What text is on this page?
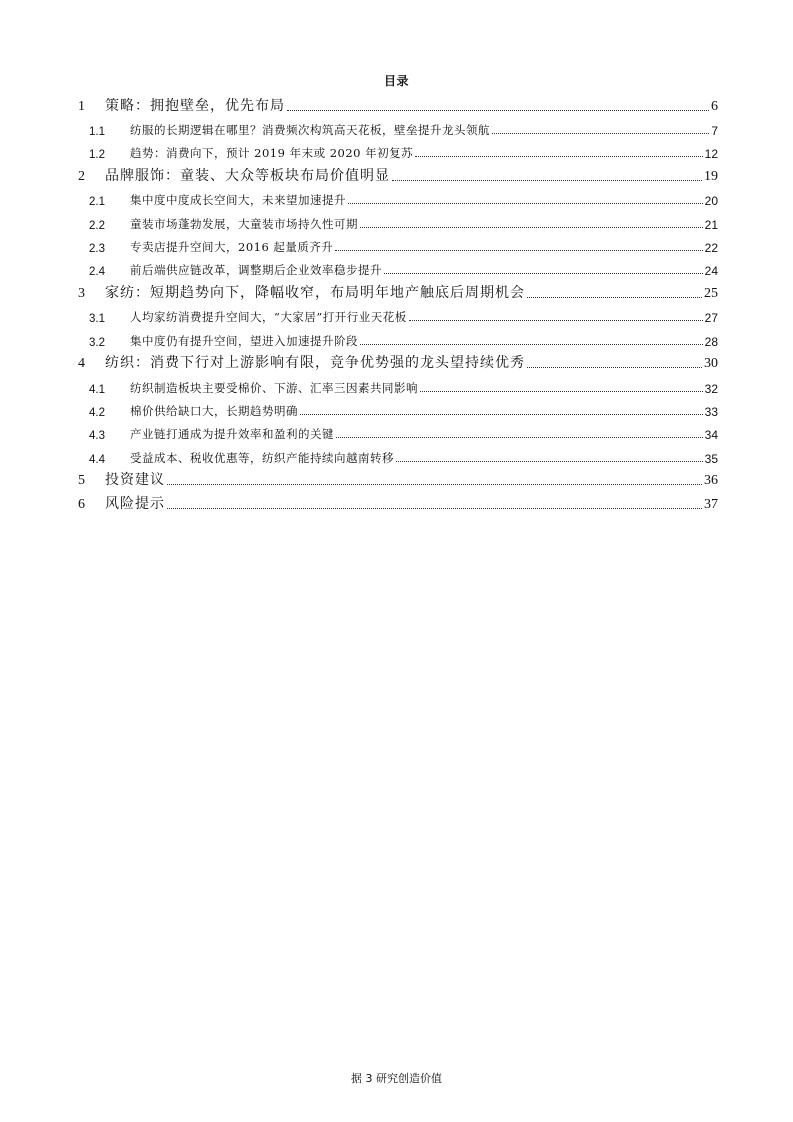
目录
1	策略：拥抱壁垒，优先布局	6
1.1	纺服的长期逻辑在哪里？消费频次构筑高天花板，壁垒提升龙头领航	7
1.2	趋势：消费向下，预计 2019 年末或 2020 年初复苏	12
2	品牌服饰：童装、大众等板块布局价值明显	19
2.1	集中度中度成长空间大，未来望加速提升	20
2.2	童装市场蓬勃发展，大童装市场持久性可期	21
2.3	专卖店提升空间大，2016 起量质齐升	22
2.4	前后端供应链改革，调整期后企业效率稳步提升	24
3	家纺：短期趋势向下，降幅收窄，布局明年地产触底后周期机会	25
3.1	人均家纺消费提升空间大，“大家居”打开行业天花板	27
3.2	集中度仍有提升空间，望进入加速提升阶段	28
4	纺织：消费下行对上游影响有限，竞争优势强的龙头望持续优秀	30
4.1	纺织制造板块主要受棉价、下游、汇率三因素共同影响	32
4.2	棉价供给缺口大，长期趋势明确	33
4.3	产业链打通成为提升效率和盈利的关键	34
4.4	受益成本、税收优惠等，纺织产能持续向越南转移	35
5	投资建议	36
6	风险提示	37
据 3 研究创造价值
